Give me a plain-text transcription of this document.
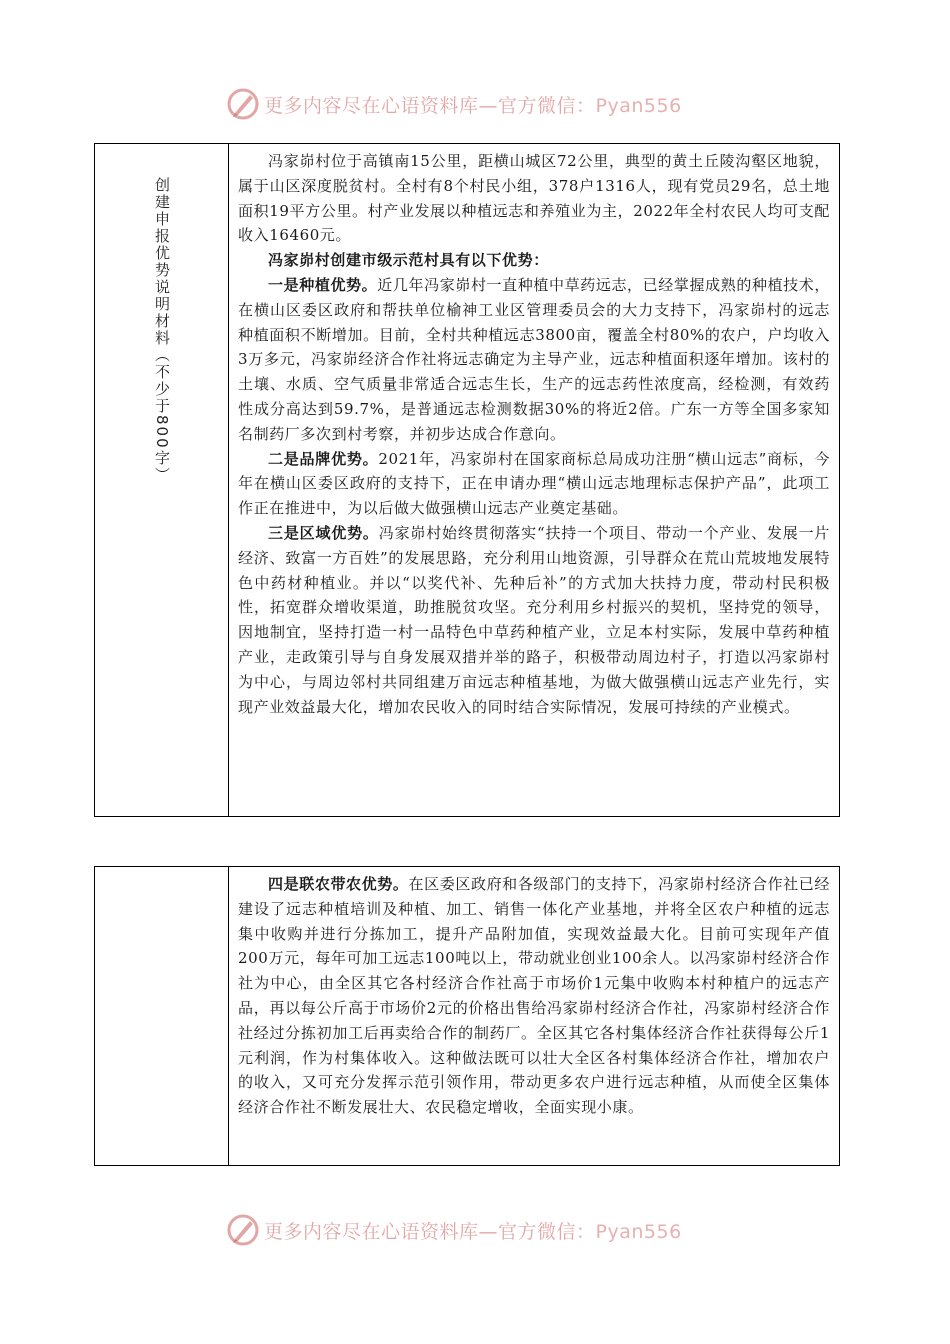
更多内容尽在心语资料库—官方微信：Pyan556
创建申报优势说明材料（不少于800字）

冯家峁村位于高镇南15公里，距横山城区72公里，典型的黄土丘陵沟壑区地貌，属于山区深度脱贫村。全村有8个村民小组，378户1316人，现有党员29名，总土地面积19平方公里。村产业发展以种植远志和养殖业为主，2022年全村农民人均可支配收入16460元。

冯家峁村创建市级示范村具有以下优势：

一是种植优势。近几年冯家峁村一直种植中草药远志，已经掌握成熟的种植技术，在横山区委区政府和帮扶单位榆神工业区管理委员会的大力支持下，冯家峁村的远志种植面积不断增加。目前，全村共种植远志3800亩，覆盖全村80%的农户，户均收入3万多元，冯家峁经济合作社将远志确定为主导产业，远志种植面积逐年增加。该村的土壤、水质、空气质量非常适合远志生长，生产的远志药性浓度高，经检测，有效药性成分高达到59.7%，是普通远志检测数据30%的将近2倍。广东一方等全国多家知名制药厂多次到村考察，并初步达成合作意向。

二是品牌优势。2021年，冯家峁村在国家商标总局成功注册“横山远志”商标，今年在横山区委区政府的支持下，正在申请办理“横山远志地理标志保护产品”，此项工作正在推进中，为以后做大做强横山远志产业奠定基础。

三是区域优势。冯家峁村始终贯彻落实“扶持一个项目、带动一个产业、发展一片经济、致富一方百姓”的发展思路，充分利用山地资源，引导群众在荒山荒坡地发展特色中药材种植业。并以“以奖代补、先种后补”的方式加大扶持力度，带动村民积极性，拓宽群众增收渠道，助推脱贫攻坚。充分利用乡村振兴的契机，坚持党的领导，因地制宜，坚持打造一村一品特色中草药种植产业，立足本村实际，发展中草药种植产业，走政策引导与自身发展双措并举的路子，积极带动周边村子，打造以冯家峁村为中心，与周边邻村共同组建万亩远志种植基地，为做大做强横山远志产业先行，实现产业效益最大化，增加农民收入的同时结合实际情况，发展可持续的产业模式。

四是联农带农优势。在区委区政府和各级部门的支持下，冯家峁村经济合作社已经建设了远志种植培训及种植、加工、销售一体化产业基地，并将全区农户种植的远志集中收购并进行分拣加工，提升产品附加值，实现效益最大化。目前可实现年产值200万元，每年可加工远志100吨以上，带动就业创业100余人。以冯家峁村经济合作社为中心，由全区其它各村经济合作社高于市场价1元集中收购本村种植户的远志产品，再以每公斤高于市场价2元的价格出售给冯家峁村经济合作社，冯家峁村经济合作社经过分拣初加工后再卖给合作的制药厂。全区其它各村集体经济合作社获得每公斤1元利润，作为村集体收入。这种做法既可以壮大全区各村集体经济合作社，增加农户的收入，又可充分发挥示范引领作用，带动更多农户进行远志种植，从而使全区集体经济合作社不断发展壮大、农民稳定增收，全面实现小康。

更多内容尽在心语资料库—官方微信：Pyan556
